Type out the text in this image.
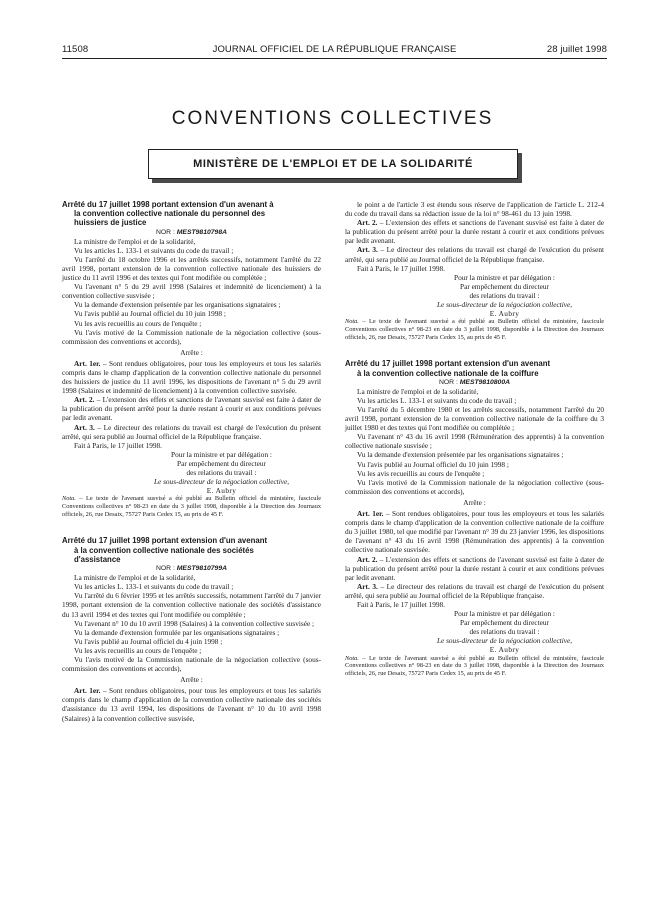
11508	JOURNAL OFFICIEL DE LA RÉPUBLIQUE FRANÇAISE	28 juillet 1998
CONVENTIONS COLLECTIVES
MINISTÈRE DE L'EMPLOI ET DE LA SOLIDARITÉ

Arrêté du 17 juillet 1998 portant extension d'un avenant à
la convention collective nationale du personnel des
huissiers de justice

NOR : MESТ9810798A

La ministre de l'emploi et de la solidarité,

Vu les articles L. 133-1 et suivants du code du travail ;

Vu l'arrêté du 18 octobre 1996 et les arrêtés successifs, notamment l'arrêté du 22 avril 1998, portant extension de la convention collective nationale des huissiers de justice du 11 avril 1996 et des textes qui l'ont modifiée ou complétée ;

Vu l'avenant n° 5 du 29 avril 1998 (Salaires et indemnité de licenciement) à la convention collective susvisée ;

Vu la demande d'extension présentée par les organisations signataires ;

Vu l'avis publié au Journal officiel du 10 juin 1998 ;

Vu les avis recueillis au cours de l'enquête ;

Vu l'avis motivé de la Commission nationale de la négociation collective (sous-commission des conventions et accords),

Arrête :

Art. 1er. – Sont rendues obligatoires, pour tous les employeurs et tous les salariés compris dans le champ d'application de la convention collective nationale du personnel des huissiers de justice du 11 avril 1996, les dispositions de l'avenant n° 5 du 29 avril 1998 (Salaires et indemnité de licenciement) à la convention collective susvisée.

Art. 2. – L'extension des effets et sanctions de l'avenant susvisé est faite à dater de la publication du présent arrêté pour la durée restant à courir et aux conditions prévues par ledit avenant.

Art. 3. – Le directeur des relations du travail est chargé de l'exécution du présent arrêté, qui sera publié au Journal officiel de la République française.

Fait à Paris, le 17 juillet 1998.

Pour la ministre et par délégation :

Par empêchement du directeur

des relations du travail :

Le sous-directeur de la négociation collective,

E. Aubry

Nota. – Le texte de l'avenant susvisé a été publié au Bulletin officiel du ministère, fascicule Conventions collectives n° 98-23 en date du 3 juillet 1998, disponible à la Direction des Journaux officiels, 26, rue Desaix, 75727 Paris Cedex 15, au prix de 45 F.

Arrêté du 17 juillet 1998 portant extension d'un avenant
à la convention collective nationale des sociétés
d'assistance

NOR : MEST9810799A

La ministre de l'emploi et de la solidarité,

Vu les articles L. 133-1 et suivants du code du travail ;

Vu l'arrêté du 6 février 1995 et les arrêtés successifs, notamment l'arrêté du 7 janvier 1998, portant extension de la convention collective nationale des sociétés d'assistance du 13 avril 1994 et des textes qui l'ont modifiée ou complétée ;

Vu l'avenant n° 10 du 10 avril 1998 (Salaires) à la convention collective susvisée ;

Vu la demande d'extension formulée par les organisations signataires ;

Vu l'avis publié au Journal officiel du 4 juin 1998 ;

Vu les avis recueillis au cours de l'enquête ;

Vu l'avis motivé de la Commission nationale de la négociation collective (sous-commission des conventions et accords),

Arrête :

Art. 1er. – Sont rendues obligatoires, pour tous les employeurs et tous les salariés compris dans le champ d'application de la convention collective nationale des sociétés d'assistance du 13 avril 1994, les dispositions de l'avenant n° 10 du 10 avril 1998 (Salaires) à la convention collective susvisée,

le point a de l'article 3 est étendu sous réserve de l'application de l'article L. 212-4 du code du travail dans sa rédaction issue de la loi n° 98-461 du 13 juin 1998.

Art. 2. – L'extension des effets et sanctions de l'avenant susvisé est faite à dater de la publication du présent arrêté pour la durée restant à courir et aux conditions prévues par ledit avenant.

Art. 3. – Le directeur des relations du travail est chargé de l'exécution du présent arrêté, qui sera publié au Journal officiel de la République française.

Fait à Paris, le 17 juillet 1998.

Pour la ministre et par délégation :

Par empêchement du directeur

des relations du travail :

Le sous-directeur de la négociation collective,

E. Aubry

Nota. – Le texte de l'avenant susvisé a été publié au Bulletin officiel du ministère, fascicule Conventions collectives n° 98-23 en date du 3 juillet 1998, disponible à la Direction des Journaux officiels, 26, rue Desaix, 75727 Paris Cedex 15, au prix de 45 F.

Arrêté du 17 juillet 1998 portant extension d'un avenant
à la convention collective nationale de la coiffure

NOR : MEST9810800A

La ministre de l'emploi et de la solidarité,

Vu les articles L. 133-1 et suivants du code du travail ;

Vu l'arrêté du 5 décembre 1980 et les arrêtés successifs, notamment l'arrêté du 20 avril 1998, portant extension de la convention collective nationale de la coiffure du 3 juillet 1980 et des textes qui l'ont modifiée ou complétée ;

Vu l'avenant n° 43 du 16 avril 1998 (Rémunération des apprentis) à la convention collective nationale susvisée ;

Vu la demande d'extension présentée par les organisations signataires ;

Vu l'avis publié au Journal officiel du 10 juin 1998 ;

Vu les avis recueillis au cours de l'enquête ;

Vu l'avis motivé de la Commission nationale de la négociation collective (sous-commission des conventions et accords),

Arrête :

Art. 1er. – Sont rendues obligatoires, pour tous les employeurs et tous les salariés compris dans le champ d'application de la convention collective nationale de la coiffure du 3 juillet 1980, tel que modifié par l'avenant n° 39 du 23 janvier 1996, les dispositions de l'avenant n° 43 du 16 avril 1998 (Rémunération des apprentis) à la convention collective nationale susvisée.

Art. 2. – L'extension des effets et sanctions de l'avenant susvisé est faite à dater de la publication du présent arrêté pour la durée restant à courir et aux conditions prévues par ledit avenant.

Art. 3. – Le directeur des relations du travail est chargé de l'exécution du présent arrêté, qui sera publié au Journal officiel de la République française.

Fait à Paris, le 17 juillet 1998.

Pour la ministre et par délégation :

Par empêchement du directeur

des relations du travail :

Le sous-directeur de la négociation collective,

E. Aubry

Nota. – Le texte de l'avenant susvisé a été publié au Bulletin officiel du ministère, fascicule Conventions collectives n° 98-23 en date du 3 juillet 1998, disponible à la Direction des Journaux officiels, 26, rue Desaix, 75727 Paris Cedex 15, au prix de 45 F.
